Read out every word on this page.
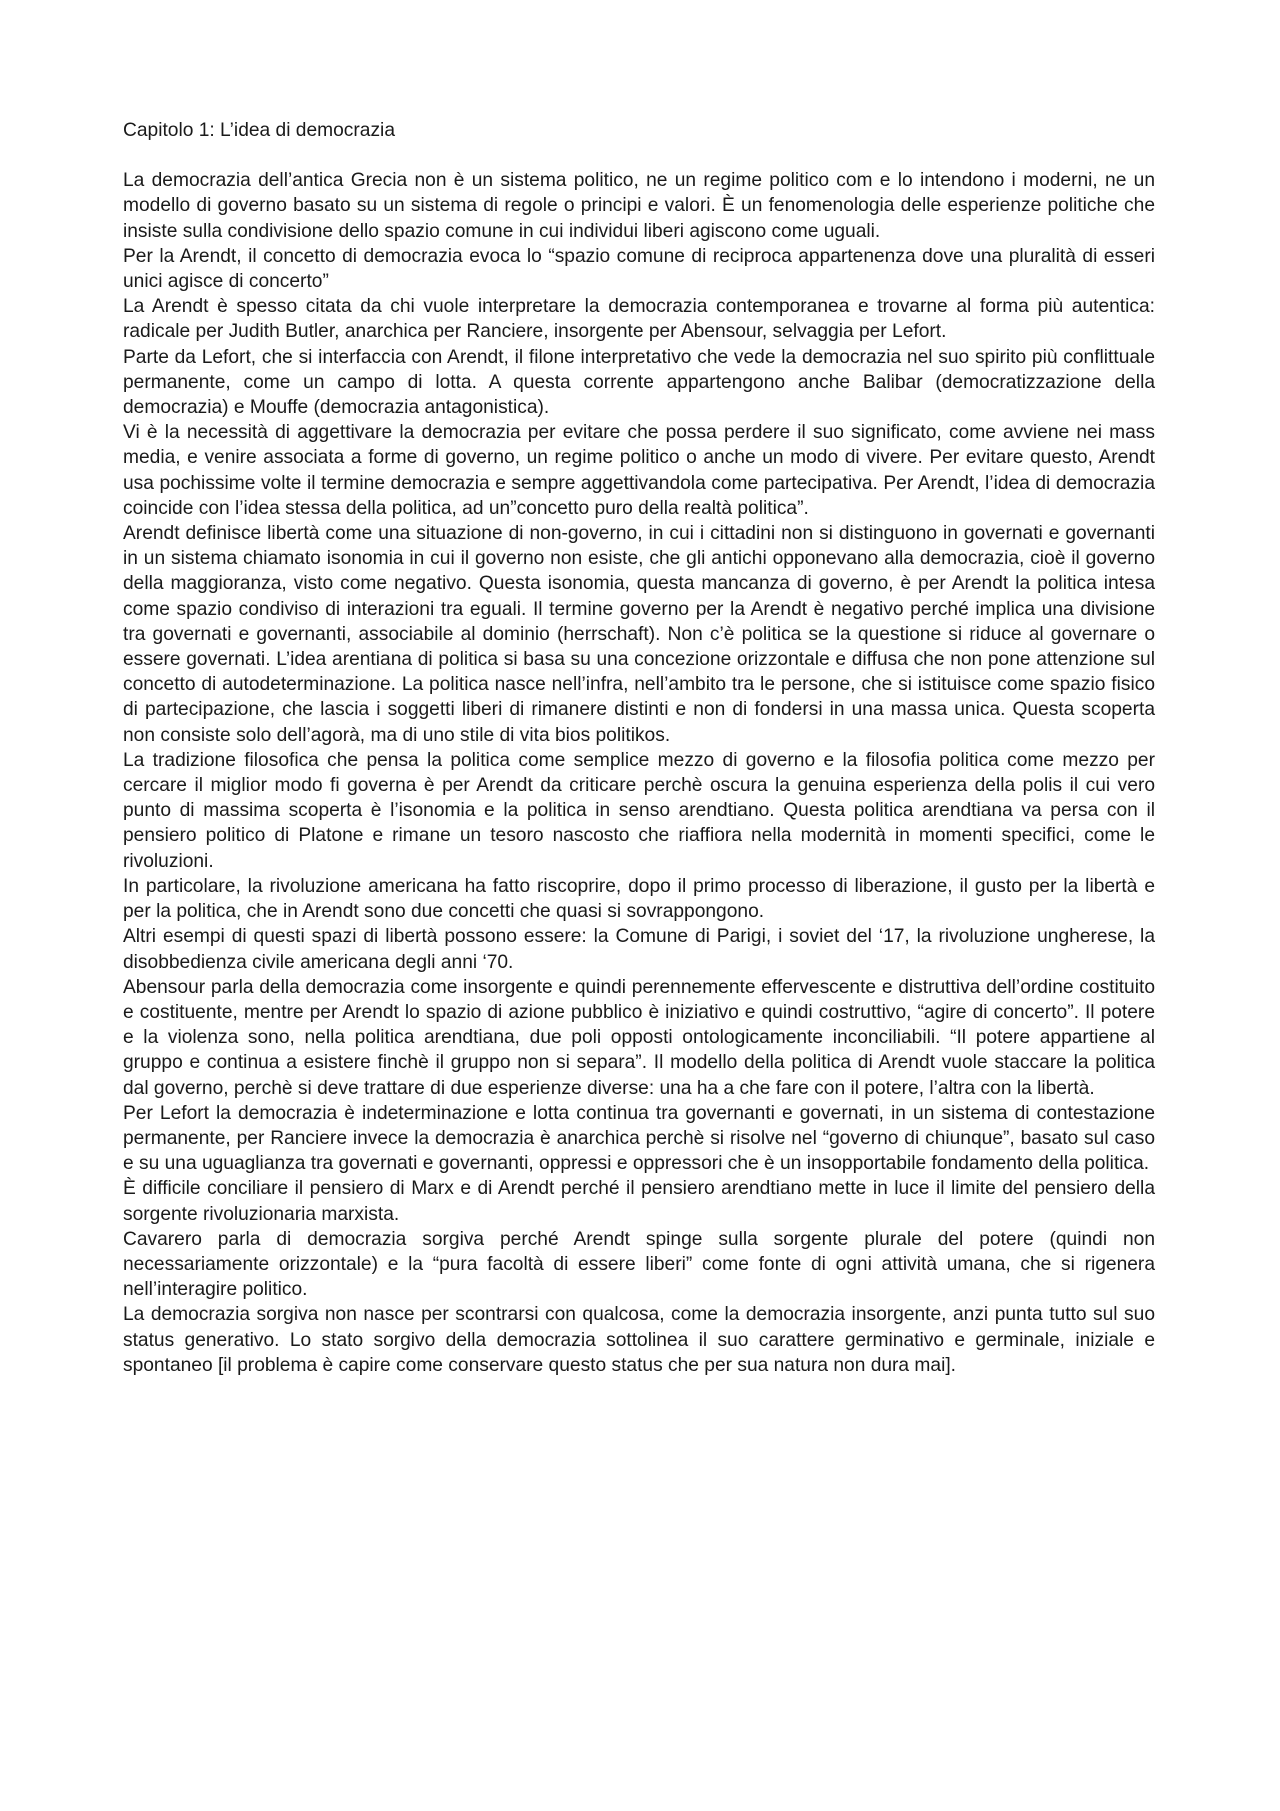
Capitolo 1: L’idea di democrazia

La democrazia dell’antica Grecia non è un sistema politico, ne un regime politico com e lo intendono i moderni, ne un modello di governo basato su un sistema di regole o principi e valori. È un fenomenologia delle esperienze politiche che insiste sulla condivisione dello spazio comune in cui individui liberi agiscono come uguali.

Per la Arendt, il concetto di democrazia evoca lo “spazio comune di reciproca appartenenza dove una pluralità di esseri unici agisce di concerto”

La Arendt è spesso citata da chi vuole interpretare la democrazia contemporanea e trovarne al forma più autentica: radicale per Judith Butler, anarchica per Ranciere, insorgente per Abensour, selvaggia per Lefort.

Parte da Lefort, che si interfaccia con Arendt, il filone interpretativo che vede la democrazia nel suo spirito più conflittuale permanente, come un campo di lotta. A questa corrente appartengono anche Balibar (democratizzazione della democrazia) e Mouffe (democrazia antagonistica).

Vi è la necessità di aggettivare la democrazia per evitare che possa perdere il suo significato, come avviene nei mass media, e venire associata a forme di governo, un regime politico o anche un modo di vivere. Per evitare questo, Arendt usa pochissime volte il termine democrazia e sempre aggettivandola come partecipativa. Per Arendt, l’idea di democrazia coincide con l’idea stessa della politica, ad un”concetto puro della realtà politica”.

Arendt definisce libertà come una situazione di non-governo, in cui i cittadini non si distinguono in governati e governanti in un sistema chiamato isonomia in cui il governo non esiste, che gli antichi opponevano alla democrazia, cioè il governo della maggioranza, visto come negativo. Questa isonomia, questa mancanza di governo, è per Arendt la politica intesa come spazio condiviso di interazioni tra eguali. Il termine governo per la Arendt è negativo perché implica una divisione tra governati e governanti, associabile al dominio (herrschaft). Non c’è politica se la questione si riduce al governare o essere governati. L’idea arentiana di politica si basa su una concezione orizzontale e diffusa che non pone attenzione sul concetto di autodeterminazione. La politica nasce nell’infra, nell’ambito tra le persone, che si istituisce come spazio fisico di partecipazione, che lascia i soggetti liberi di rimanere distinti e non di fondersi in una massa unica. Questa scoperta non consiste solo dell’agorà, ma di uno stile di vita bios politikos.

La tradizione filosofica che pensa la politica come semplice mezzo di governo e la filosofia politica come mezzo per cercare il miglior modo fi governa è per Arendt da criticare perchè oscura la genuina esperienza della polis il cui vero punto di massima scoperta è l’isonomia e la politica in senso arendtiano. Questa politica arendtiana va persa con il pensiero politico di Platone e rimane un tesoro nascosto che riaffiora nella modernità in momenti specifici, come le rivoluzioni.

In particolare, la rivoluzione americana ha fatto riscoprire, dopo il primo processo di liberazione, il gusto per la libertà e per la politica, che in Arendt sono due concetti che quasi si sovrappongono.

Altri esempi di questi spazi di libertà possono essere: la Comune di Parigi, i soviet del ‘17, la rivoluzione ungherese, la disobbedienza civile americana degli anni ‘70.

Abensour parla della democrazia come insorgente e quindi perennemente effervescente e distruttiva dell’ordine costituito e costituente, mentre per Arendt lo spazio di azione pubblico è iniziativo e quindi costruttivo, “agire di concerto”. Il potere e la violenza sono, nella politica arendtiana, due poli opposti ontologicamente inconciliabili. “Il potere appartiene al gruppo e continua a esistere finchè il gruppo non si separa”. Il modello della politica di Arendt vuole staccare la politica dal governo, perchè si deve trattare di due esperienze diverse: una ha a che fare con il potere, l’altra con la libertà.

Per Lefort la democrazia è indeterminazione e lotta continua tra governanti e governati, in un sistema di contestazione permanente, per Ranciere invece la democrazia è anarchica perchè si risolve nel “governo di chiunque”, basato sul caso e su una uguaglianza tra governati e governanti, oppressi e oppressori che è un insopportabile fondamento della politica.

È difficile conciliare il pensiero di Marx e di Arendt perché il pensiero arendtiano mette in luce il limite del pensiero della sorgente rivoluzionaria marxista.

Cavarero parla di democrazia sorgiva perché Arendt spinge sulla sorgente plurale del potere (quindi non necessariamente orizzontale) e la “pura facoltà di essere liberi” come fonte di ogni attività umana, che si rigenera nell’interagire politico.

La democrazia sorgiva non nasce per scontrarsi con qualcosa, come la democrazia insorgente, anzi punta tutto sul suo status generativo. Lo stato sorgivo della democrazia sottolinea il suo carattere germinativo e germinale, iniziale e spontaneo [il problema è capire come conservare questo status che per sua natura non dura mai].
